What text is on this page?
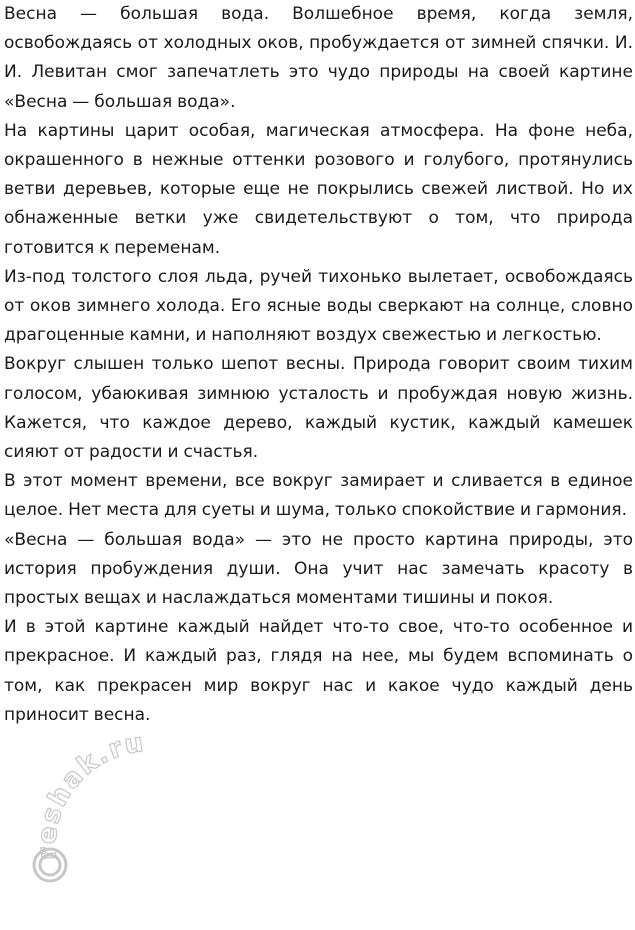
Весна — большая вода. Волшебное время, когда земля, освобождаясь от холодных оков, пробуждается от зимней спячки. И. И. Левитан смог запечатлеть это чудо природы на своей картине «Весна — большая вода».

На картины царит особая, магическая атмосфера. На фоне неба, окрашенного в нежные оттенки розового и голубого, протянулись ветви деревьев, которые еще не покрылись свежей листвой. Но их обнаженные ветки уже свидетельствуют о том, что природа готовится к переменам.

Из-под толстого слоя льда, ручей тихонько вылетает, освобождаясь от оков зимнего холода. Его ясные воды сверкают на солнце, словно драгоценные камни, и наполняют воздух свежестью и легкостью.

Вокруг слышен только шепот весны. Природа говорит своим тихим голосом, убаюкивая зимнюю усталость и пробуждая новую жизнь. Кажется, что каждое дерево, каждый кустик, каждый камешек сияют от радости и счастья.

В этот момент времени, все вокруг замирает и сливается в единое целое. Нет места для суеты и шума, только спокойствие и гармония.

«Весна — большая вода» — это не просто картина природы, это история пробуждения души. Она учит нас замечать красоту в простых вещах и наслаждаться моментами тишины и покоя.

И в этой картине каждый найдет что-то свое, что-то особенное и прекрасное. И каждый раз, глядя на нее, мы будем вспоминать о том, как прекрасен мир вокруг нас и какое чудо каждый день приносит весна.

reshak.ru
